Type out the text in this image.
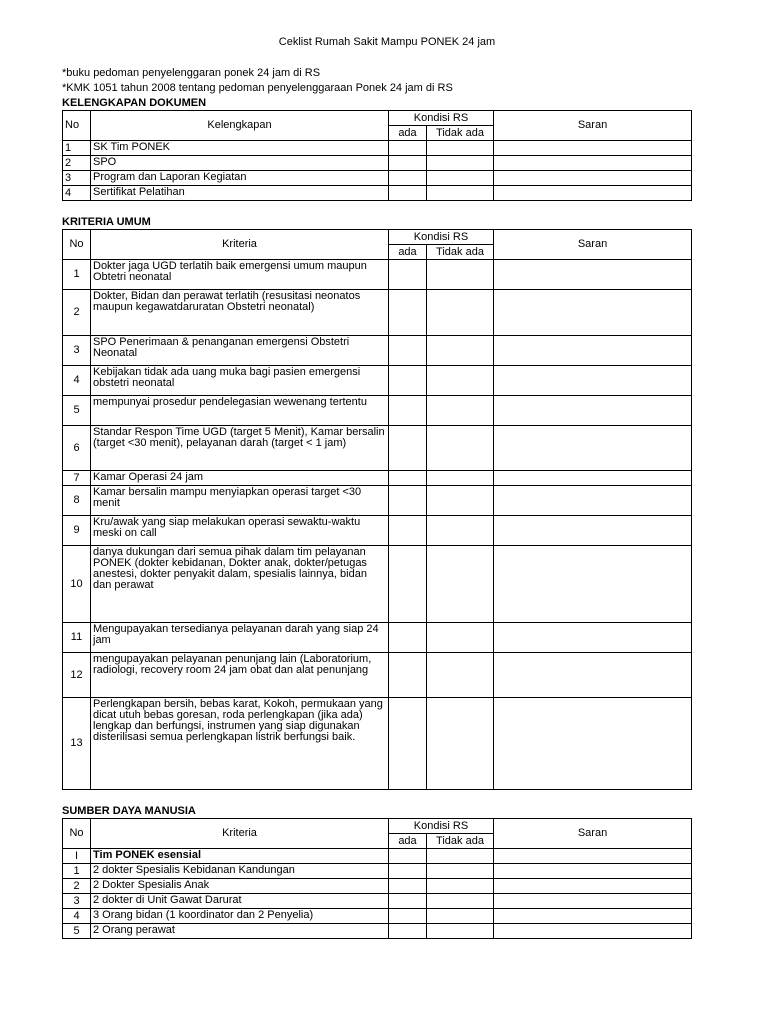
Ceklist Rumah Sakit Mampu PONEK 24 jam
*buku pedoman penyelenggaran ponek 24 jam di RS
*KMK 1051 tahun 2008 tentang pedoman penyelenggaraan Ponek 24 jam di RS
KELENGKAPAN DOKUMEN
No	Kelengkapan	Kondisi RS		Saran
		ada	Tidak ada	
1	SK Tim PONEK			
2	SPO			
3	Program dan Laporan Kegiatan			
4	Sertifikat Pelatihan			
KRITERIA UMUM
No	Kriteria	Kondisi RS		Saran
		ada	Tidak ada	
1	Dokter jaga UGD terlatih baik emergensi umum maupun Obtetri neonatal			
2	Dokter, Bidan dan perawat terlatih (resusitasi neonatos maupun kegawatdaruratan Obstetri neonatal)			
3	SPO Penerimaan & penanganan emergensi Obstetri Neonatal			
4	Kebijakan tidak ada uang muka bagi pasien emergensi obstetri neonatal			
5	mempunyai prosedur pendelegasian wewenang tertentu			
6	Standar Respon Time UGD (target 5 Menit), Kamar bersalin (target <30 menit), pelayanan darah (target < 1 jam)			
7	Kamar Operasi 24 jam			
8	Kamar bersalin mampu menyiapkan operasi target <30 menit			
9	Kru/awak yang siap melakukan operasi sewaktu-waktu meski on call			
10	danya dukungan dari semua pihak dalam tim pelayanan PONEK (dokter kebidanan, Dokter anak, dokter/petugas anestesi, dokter penyakit dalam, spesialis lainnya, bidan dan perawat			
11	Mengupayakan tersedianya pelayanan darah yang siap 24 jam			
12	mengupayakan pelayanan penunjang lain (Laboratorium, radiologi, recovery room 24 jam obat dan alat penunjang			
13	Perlengkapan bersih, bebas karat, Kokoh, permukaan yang dicat utuh bebas goresan, roda perlengkapan (jika ada) lengkap dan berfungsi, instrumen yang siap digunakan disterilisasi semua perlengkapan listrik berfungsi baik.			
SUMBER DAYA MANUSIA
No	Kriteria	Kondisi RS		Saran
		ada	Tidak ada	
I	Tim PONEK esensial			
1	2 dokter Spesialis Kebidanan Kandungan			
2	2 Dokter Spesialis Anak			
3	2 dokter di Unit Gawat Darurat			
4	3 Orang bidan (1 koordinator dan 2 Penyelia)			
5	2 Orang perawat			
